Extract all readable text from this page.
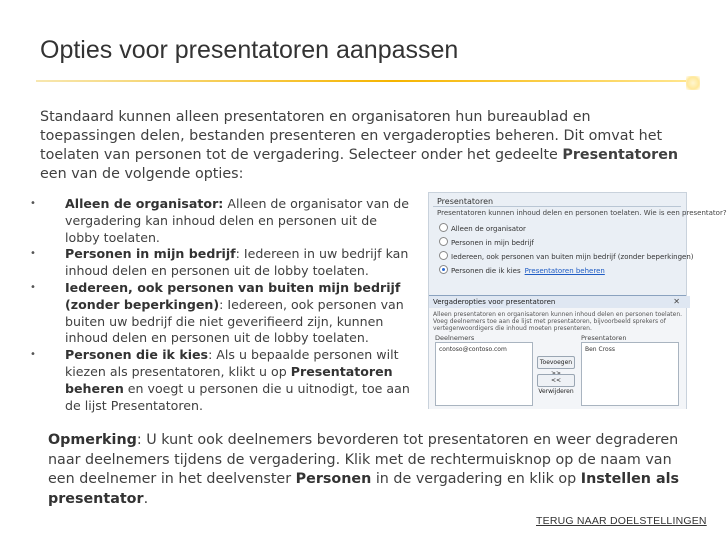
Opties voor presentatoren aanpassen

Standaard kunnen alleen presentatoren en organisatoren hun bureaublad en toepassingen delen, bestanden presenteren en vergaderopties beheren. Dit omvat het toelaten van personen tot de vergadering. Selecteer onder het gedeelte Presentatoren een van de volgende opties:

• Alleen de organisator: Alleen de organisator van de vergadering kan inhoud delen en personen uit de lobby toelaten.
• Personen in mijn bedrijf: Iedereen in uw bedrijf kan inhoud delen en personen uit de lobby toelaten.
• Iedereen, ook personen van buiten mijn bedrijf (zonder beperkingen): Iedereen, ook personen van buiten uw bedrijf die niet geverifieerd zijn, kunnen inhoud delen en personen uit de lobby toelaten.
• Personen die ik kies: Als u bepaalde personen wilt kiezen als presentatoren, klikt u op Presentatoren beheren en voegt u personen die u uitnodigt, toe aan de lijst Presentatoren.
Presentatoren
Presentatoren kunnen inhoud delen en personen toelaten. Wie is een presentator?
Alleen de organisator
Personen in mijn bedrijf
Iedereen, ook personen van buiten mijn bedrijf (zonder beperkingen)
Personen die ik kies Presentatoren beheren
Vergaderopties voor presentatoren	✕
Alleen presentatoren en organisatoren kunnen inhoud delen en personen toelaten. Voeg deelnemers toe aan de lijst met presentatoren, bijvoorbeeld sprekers of vertegenwoordigers die inhoud moeten presenteren.
Deelnemers	Presentatoren
contoso@contoso.com
Toevoegen
<< Verwijderen
Ben Cross

Opmerking: U kunt ook deelnemers bevorderen tot presentatoren en weer degraderen naar deelnemers tijdens de vergadering. Klik met de rechtermuisknop op de naam van een deelnemer in het deelvenster Personen in de vergadering en klik op Instellen als presentator.

TERUG NAAR DOELSTELLINGEN
